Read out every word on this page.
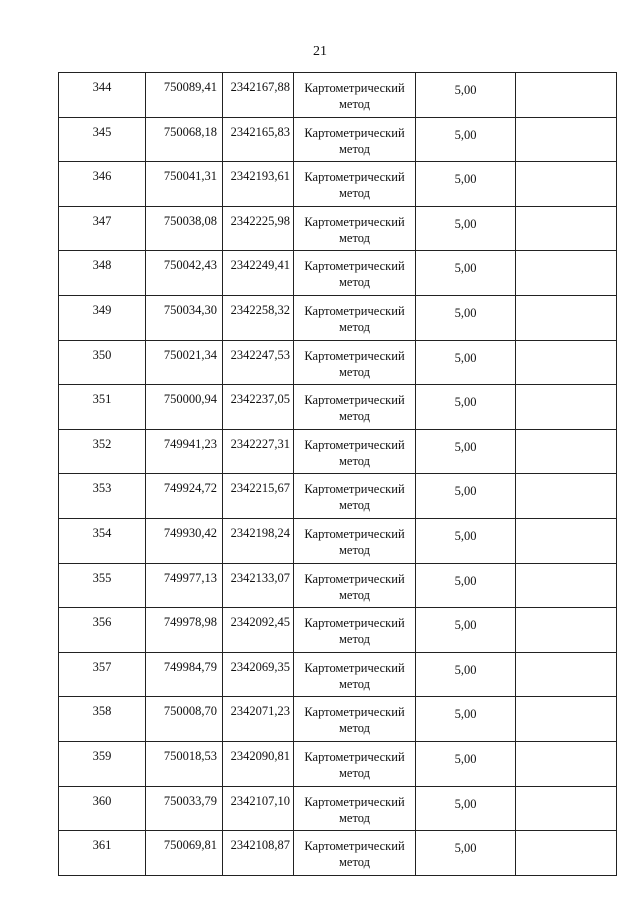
21
344	750089,41	2342167,88	Картометрический метод	5,00	

345	750068,18	2342165,83	Картометрический метод	5,00	

346	750041,31	2342193,61	Картометрический метод	5,00	

347	750038,08	2342225,98	Картометрический метод	5,00	

348	750042,43	2342249,41	Картометрический метод	5,00	

349	750034,30	2342258,32	Картометрический метод	5,00	

350	750021,34	2342247,53	Картометрический метод	5,00	

351	750000,94	2342237,05	Картометрический метод	5,00	

352	749941,23	2342227,31	Картометрический метод	5,00	

353	749924,72	2342215,67	Картометрический метод	5,00	

354	749930,42	2342198,24	Картометрический метод	5,00	

355	749977,13	2342133,07	Картометрический метод	5,00	

356	749978,98	2342092,45	Картометрический метод	5,00	

357	749984,79	2342069,35	Картометрический метод	5,00	

358	750008,70	2342071,23	Картометрический метод	5,00	

359	750018,53	2342090,81	Картометрический метод	5,00	

360	750033,79	2342107,10	Картометрический метод	5,00	

361	750069,81	2342108,87	Картометрический метод	5,00	
